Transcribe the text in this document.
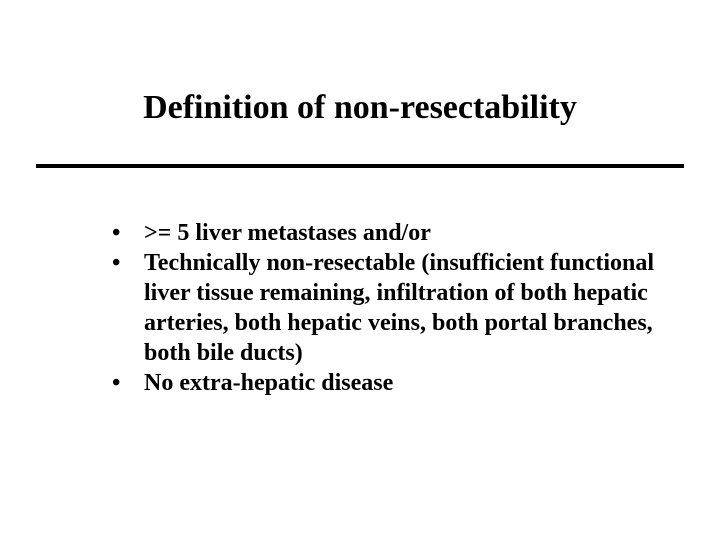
Definition of non-resectability
• >= 5 liver metastases and/or
• Technically non-resectable (insufficient functional liver tissue remaining, infiltration of both hepatic arteries, both hepatic veins, both portal branches, both bile ducts)
• No extra-hepatic disease
